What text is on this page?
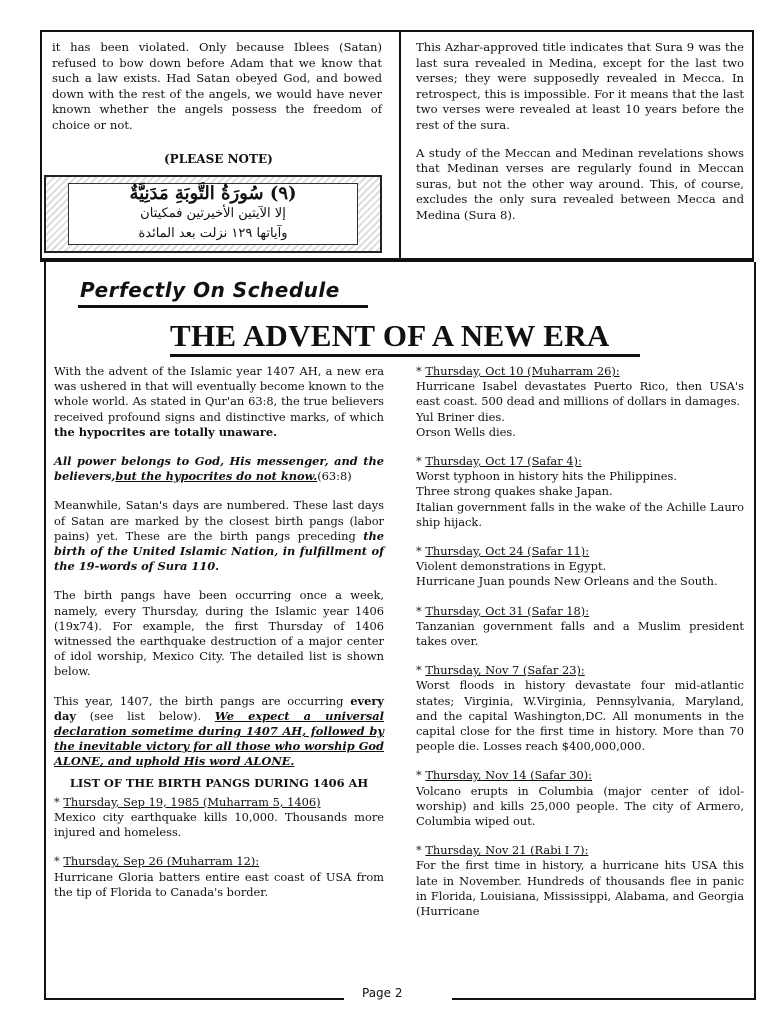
it has been violated. Only because Iblees (Satan) refused to bow down before Adam that we know that such a law exists. Had Satan obeyed God, and bowed down with the rest of the angels, we would have never known whether the angels possess the freedom of choice or not.

(PLEASE NOTE)
(٩) سُورَةُ التَّوبَةِ مَدَنِيَّةٌ
إلا الآيتين الأخيرتين فمكيتان
وآياتها ١٢٩ نزلت بعد المائدة

This Azhar-approved title indicates that Sura 9 was the last sura revealed in Medina, except for the last two verses; they were supposedly revealed in Mecca. In retrospect, this is impossible. For it means that the last two verses were revealed at least 10 years before the rest of the sura.

A study of the Meccan and Medinan revelations shows that Medinan verses are regularly found in Meccan suras, but not the other way around. This, of course, excludes the only sura revealed between Mecca and Medina (Sura 8).

Perfectly On Schedule
THE ADVENT OF A NEW ERA

With the advent of the Islamic year 1407 AH, a new era was ushered in that will eventually become known to the whole world. As stated in Qur'an 63:8, the true believers received profound signs and distinctive marks, of which the hypocrites are totally unaware.

All power belongs to God, His messenger, and the believers,but the hypocrites do not know.(63:8)

Meanwhile, Satan's days are numbered. These last days of Satan are marked by the closest birth pangs (labor pains) yet. These are the birth pangs preceding the birth of the United Islamic Nation, in fulfillment of the 19-words of Sura 110.

The birth pangs have been occurring once a week, namely, every Thursday, during the Islamic year 1406 (19x74). For example, the first Thursday of 1406 witnessed the earthquake destruction of a major center of idol worship, Mexico City. The detailed list is shown below.

This year, 1407, the birth pangs are occurring every day (see list below). We expect a universal declaration sometime during 1407 AH, followed by the inevitable victory for all those who worship God ALONE, and uphold His word ALONE.

LIST OF THE BIRTH PANGS DURING 1406 AH
* Thursday, Sep 19, 1985 (Muharram 5, 1406)
Mexico city earthquake kills 10,000. Thousands more injured and homeless.
* Thursday, Sep 26 (Muharram 12):
Hurricane Gloria batters entire east coast of USA from the tip of Florida to Canada's border.
* Thursday, Oct 10 (Muharram 26):
Hurricane Isabel devastates Puerto Rico, then USA's east coast. 500 dead and millions of dollars in damages.
Yul Briner dies.
Orson Wells dies.
* Thursday, Oct 17 (Safar 4):
Worst typhoon in history hits the Philippines.
Three strong quakes shake Japan.
Italian government falls in the wake of the Achille Lauro ship hijack.
* Thursday, Oct 24 (Safar 11):
Violent demonstrations in Egypt.
Hurricane Juan pounds New Orleans and the South.
* Thursday, Oct 31 (Safar 18):
Tanzanian government falls and a Muslim president takes over.
* Thursday, Nov 7 (Safar 23):
Worst floods in history devastate four mid-atlantic states; Virginia, W.Virginia, Pennsylvania, Maryland, and the capital Washington,DC. All monuments in the capital close for the first time in history. More than 70 people die. Losses reach $400,000,000.
* Thursday, Nov 14 (Safar 30):
Volcano erupts in Columbia (major center of idol-worship) and kills 25,000 people. The city of Armero, Columbia wiped out.
* Thursday, Nov 21 (Rabi I 7):
For the first time in history, a hurricane hits USA this late in November. Hundreds of thousands flee in panic in Florida, Louisiana, Mississippi, Alabama, and Georgia (Hurricane
Page 2
